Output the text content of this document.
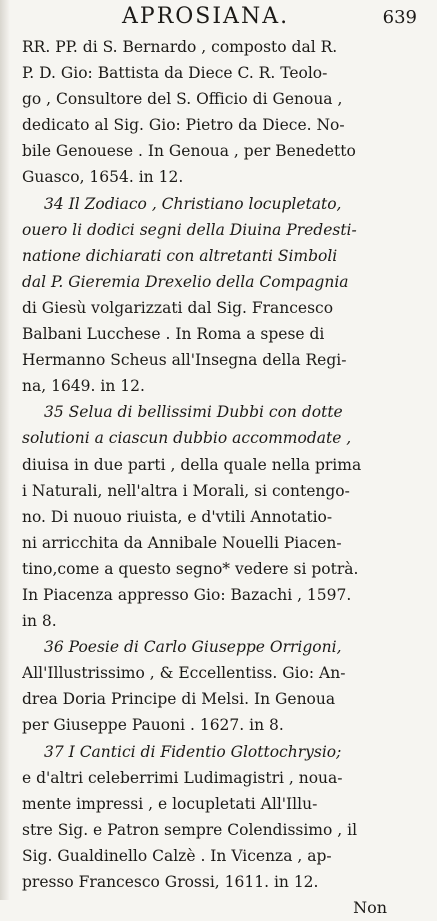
APROSIANA.	639
RR. PP. di S. Bernardo , composto dal R.
P. D. Gio: Battista da Diece C. R. Teolo-
go , Consultore del S. Officio di Genoua ,
dedicato al Sig. Gio: Pietro da Diece. No-
bile Genouese . In Genoua , per Benedetto
Guasco, 1654. in 12.
34 Il Zodiaco , Christiano locupletato,
ouero li dodici segni della Diuina Predesti-
natione dichiarati con altretanti Simboli
dal P. Gieremia Drexelio della Compagnia
di Giesù volgarizzati dal Sig. Francesco
Balbani Lucchese . In Roma a spese di
Hermanno Scheus all'Insegna della Regi-
na, 1649. in 12.
35 Selua di bellissimi Dubbi con dotte
solutioni a ciascun dubbio accommodate ,
diuisa in due parti , della quale nella prima
i Naturali, nell'altra i Morali, si contengo-
no. Di nuouo riuista, e d'vtili Annotatio-
ni arricchita da Annibale Nouelli Piacen-
tino,come a questo segno* vedere si potrà.
In Piacenza appresso Gio: Bazachi , 1597.
in 8.
36 Poesie di Carlo Giuseppe Orrigoni,
All'Illustrissimo , & Eccellentiss. Gio: An-
drea Doria Principe di Melsi. In Genoua
per Giuseppe Pauoni . 1627. in 8.
37 I Cantici di Fidentio Glottochrysio;
e d'altri celeberrimi Ludimagistri , noua-
mente impressi , e locupletati All'Illu-
stre Sig. e Patron sempre Colendissimo , il
Sig. Gualdinello Calzè . In Vicenza , ap-
presso Francesco Grossi, 1611. in 12.
Non
